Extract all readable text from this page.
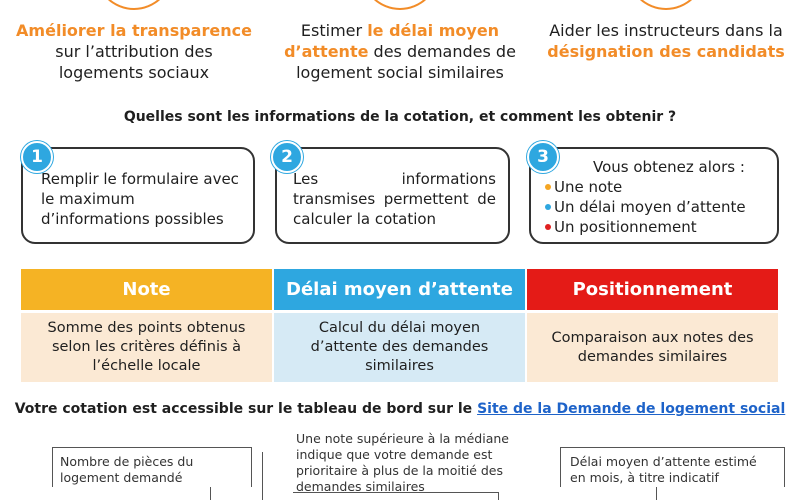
Améliorer la transparence
sur l’attribution des logements sociaux
Estimer le délai moyen d’attente des demandes de logement social similaires
Aider les instructeurs dans la désignation des candidats
Quelles sont les informations de la cotation, et comment les obtenir ?
Remplir le formulaire avec le maximum d’informations possibles
1
Les informations transmises permettent de calculer la cotation
2	Vous obtenez alors :
Une note
Un délai moyen d’attente
Un positionnement
3
Note
Somme des points obtenus selon les critères définis à l’échelle locale
Délai moyen d’attente
Calcul du délai moyen d’attente des demandes similaires
Positionnement
Comparaison aux notes des demandes similaires
Votre cotation est accessible sur le tableau de bord sur le Site de la Demande de logement social
Nombre de pièces du logement demandé
Une note supérieure à la médiane indique que votre demande est prioritaire à plus de la moitié des demandes similaires
Délai moyen d’attente estimé en mois, à titre indicatif
